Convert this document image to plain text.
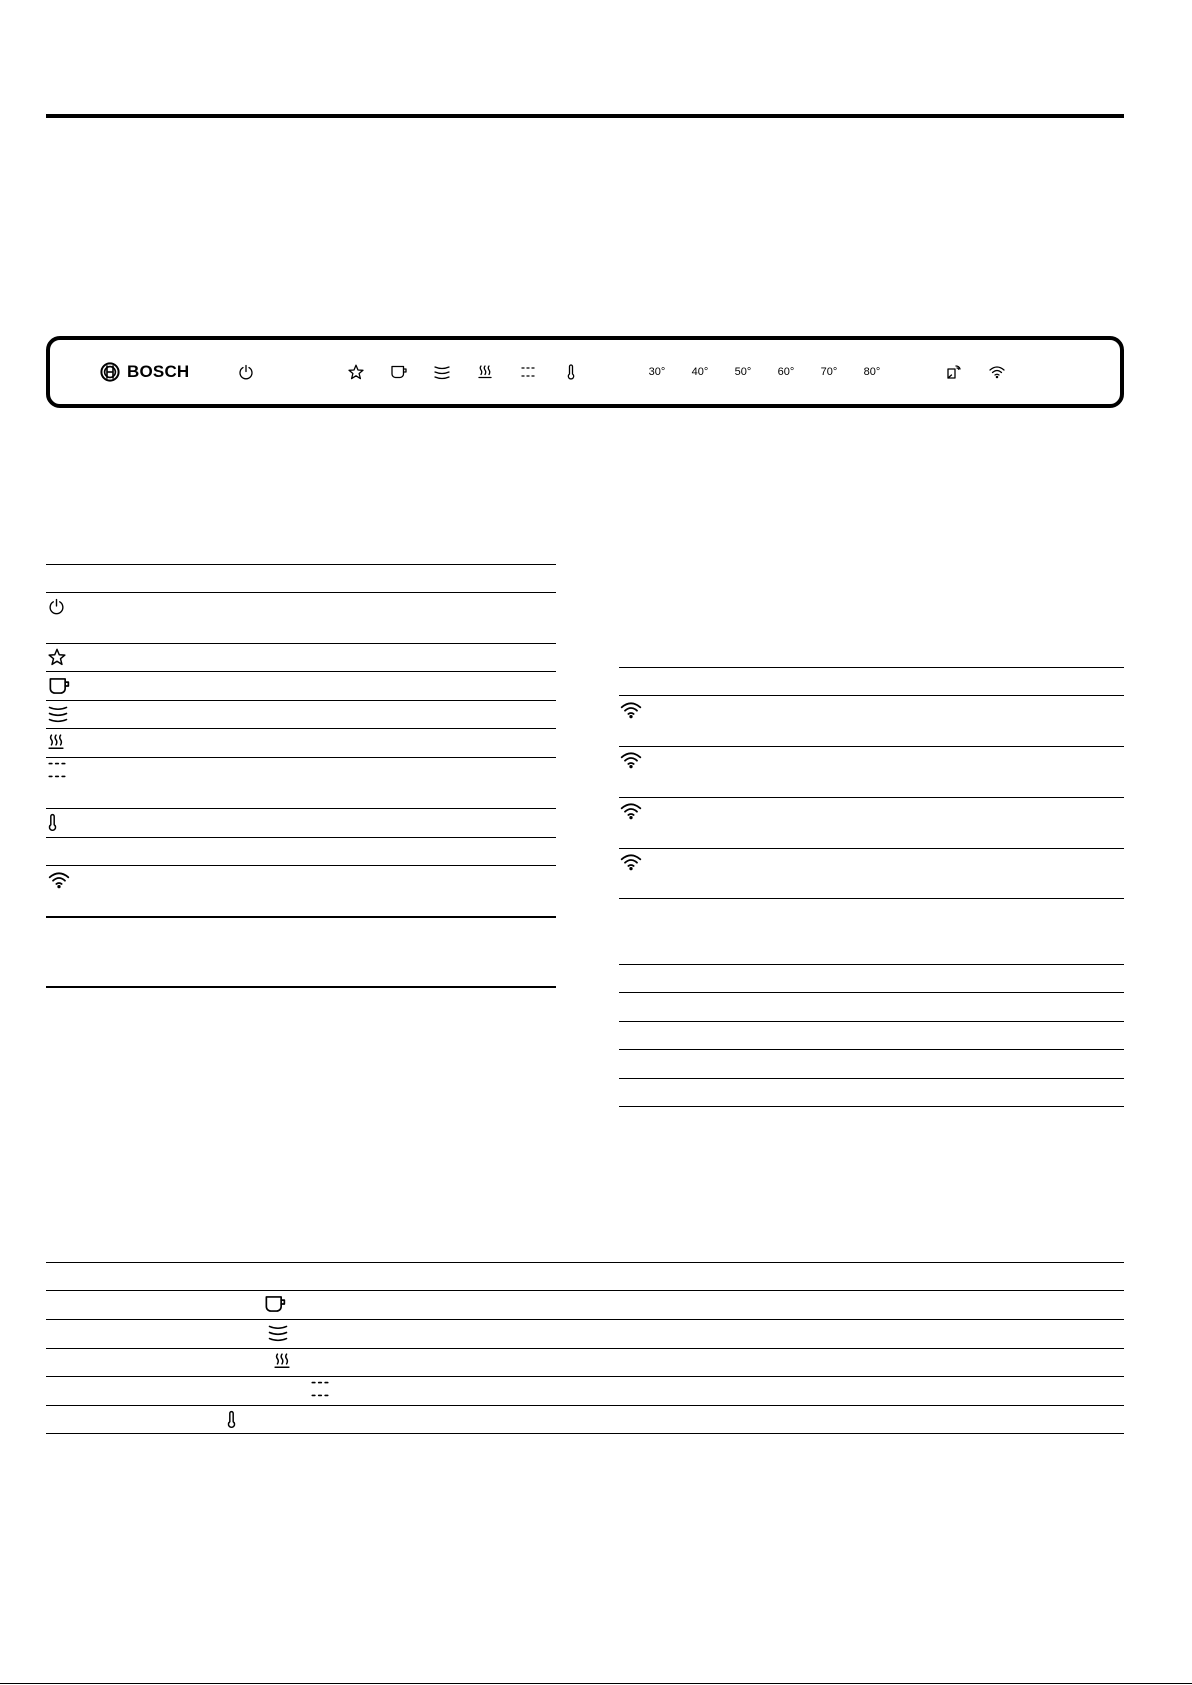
BOSCH	30°	40°	50°	60°	70°	80°
